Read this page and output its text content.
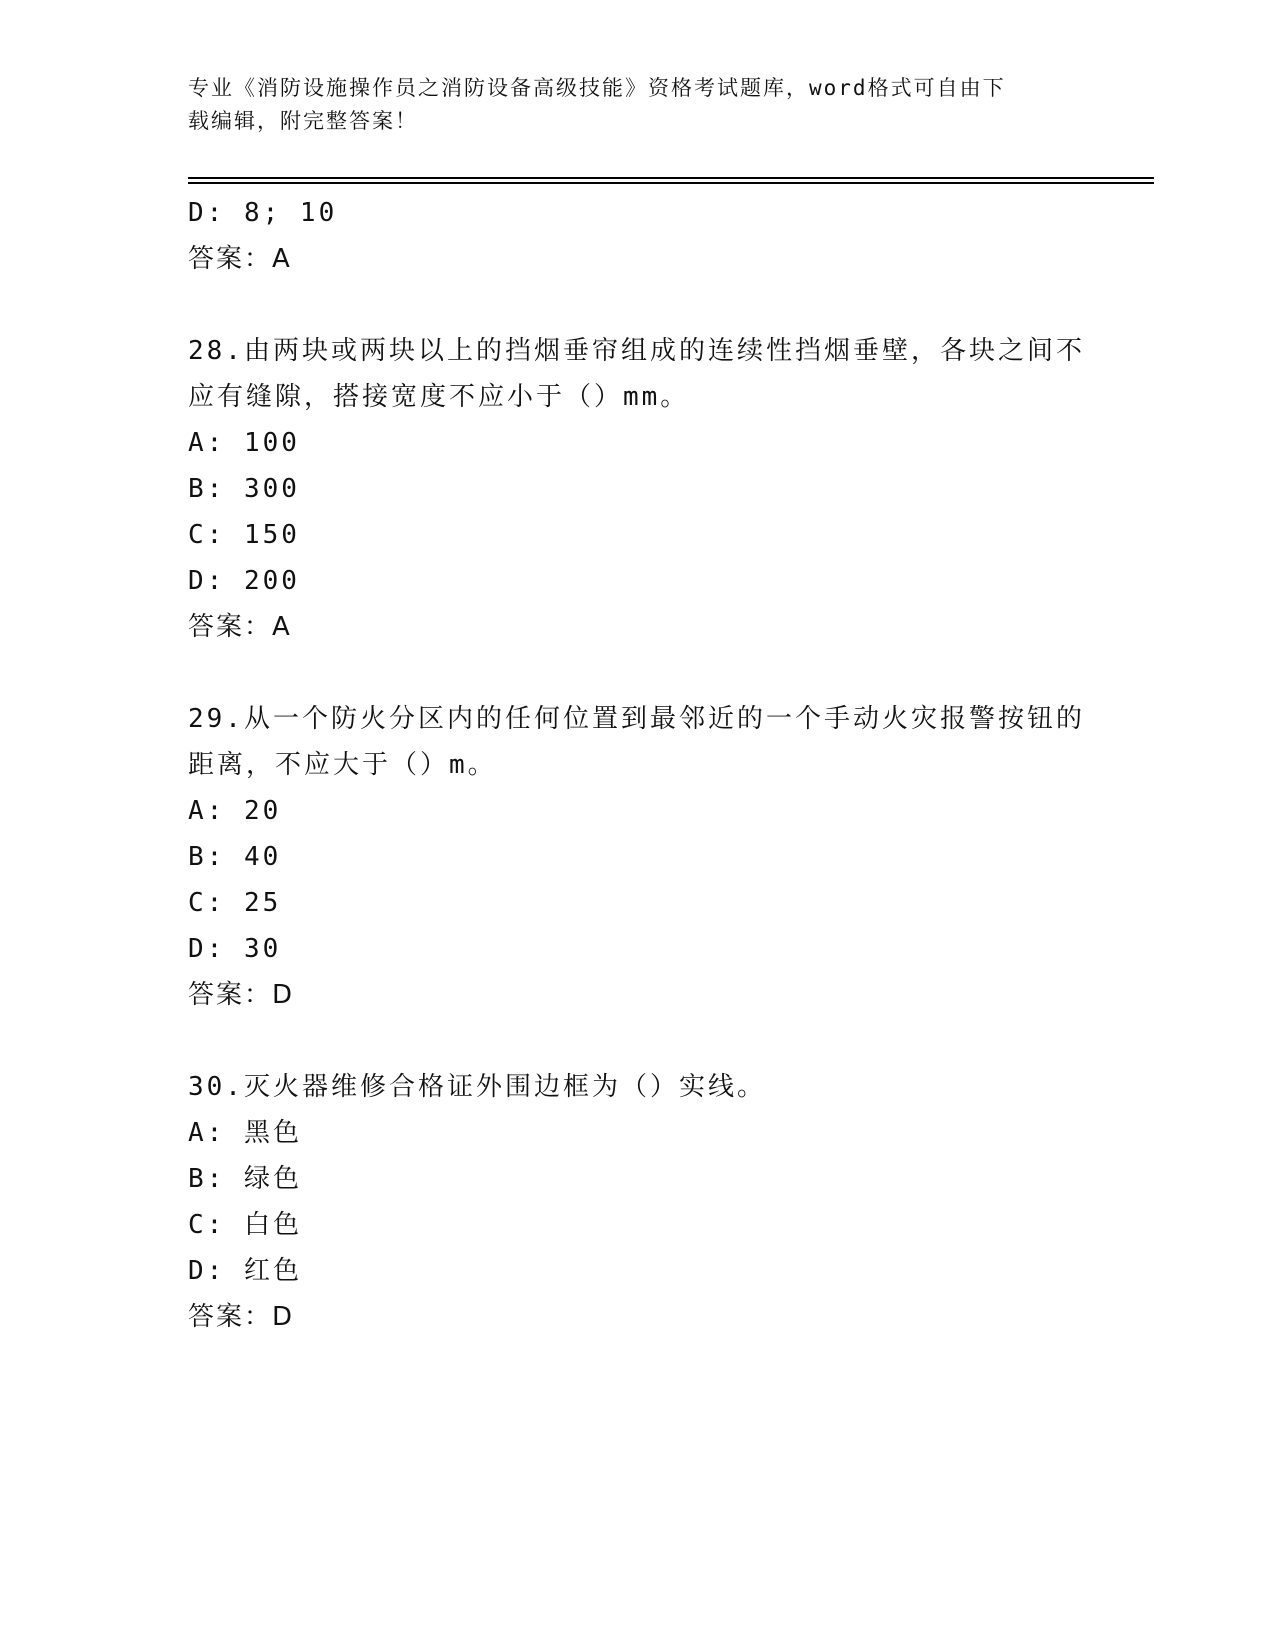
专业《消防设施操作员之消防设备高级技能》资格考试题库，word格式可自由下
载编辑，附完整答案！
D: 8; 10
答案：A
28.由两块或两块以上的挡烟垂帘组成的连续性挡烟垂壁，各块之间不
应有缝隙，搭接宽度不应小于（）mm。
A: 100
B: 300
C: 150
D: 200
答案：A
29.从一个防火分区内的任何位置到最邻近的一个手动火灾报警按钮的
距离，不应大于（）m。
A: 20
B: 40
C: 25
D: 30
答案：D
30.灭火器维修合格证外围边框为（）实线。
A: 黑色
B: 绿色
C: 白色
D: 红色
答案：D
